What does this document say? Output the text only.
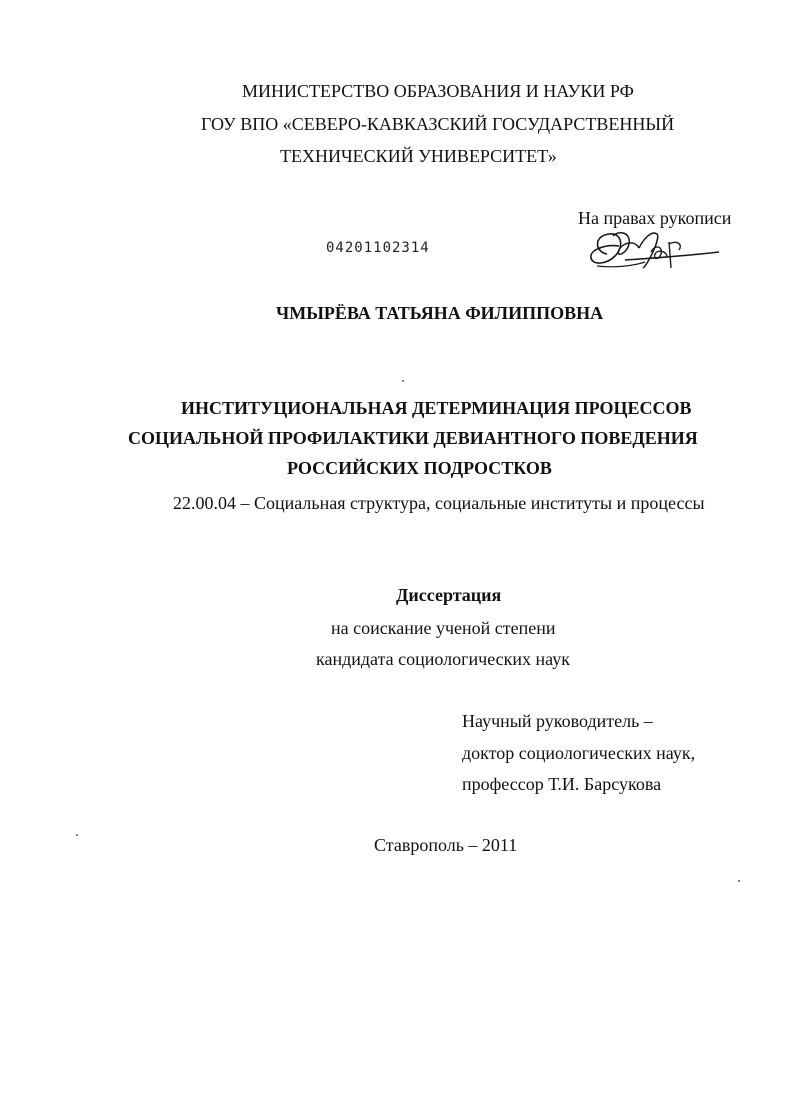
МИНИСТЕРСТВО ОБРАЗОВАНИЯ И НАУКИ РФ
ГОУ ВПО «СЕВЕРО-КАВКАЗСКИЙ ГОСУДАРСТВЕННЫЙ
ТЕХНИЧЕСКИЙ УНИВЕРСИТЕТ»
На правах рукописи
04201102314
ЧМЫРЁВА ТАТЬЯНА ФИЛИППОВНА
ИНСТИТУЦИОНАЛЬНАЯ ДЕТЕРМИНАЦИЯ ПРОЦЕССОВ
СОЦИАЛЬНОЙ ПРОФИЛАКТИКИ ДЕВИАНТНОГО ПОВЕДЕНИЯ
РОССИЙСКИХ ПОДРОСТКОВ
22.00.04 – Социальная структура, социальные институты и процессы
Диссертация
на соискание ученой степени
кандидата социологических наук
Научный руководитель –
доктор социологических наук,
профессор Т.И. Барсукова
Ставрополь – 2011
